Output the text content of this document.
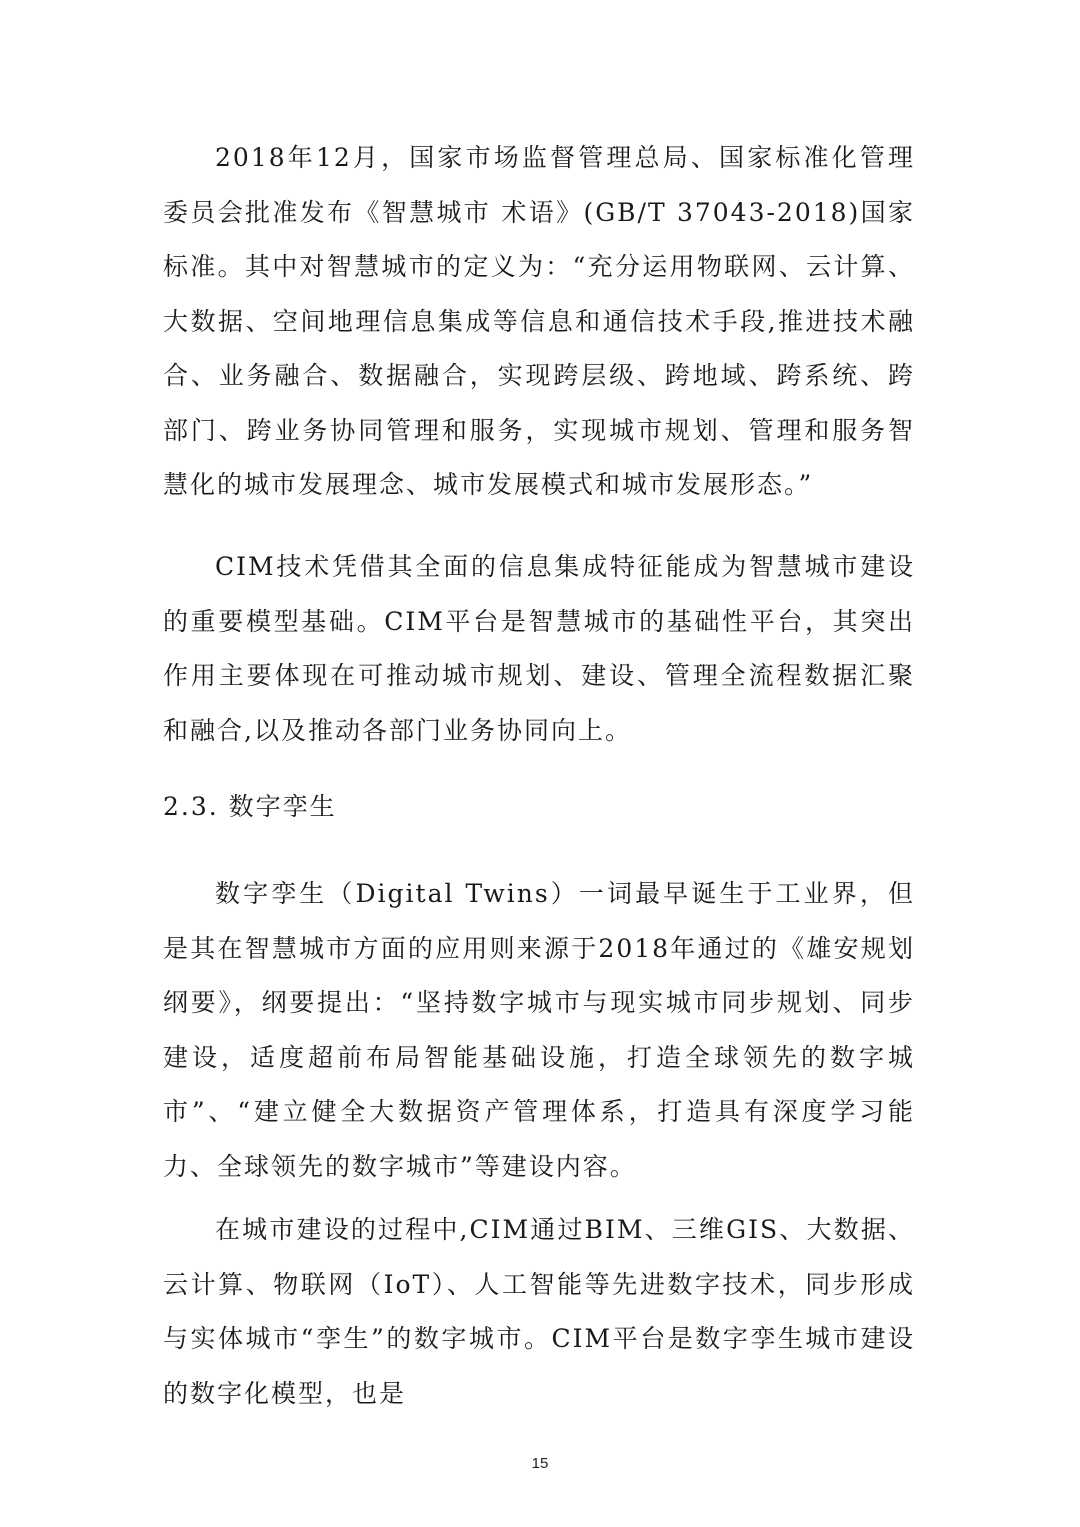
2018年12月，国家市场监督管理总局、国家标准化管理委员会批准发布《智慧城市 术语》(GB/T 37043-2018)国家标准。其中对智慧城市的定义为：“充分运用物联网、云计算、大数据、空间地理信息集成等信息和通信技术手段,推进技术融合、业务融合、数据融合，实现跨层级、跨地域、跨系统、跨部门、跨业务协同管理和服务，实现城市规划、管理和服务智慧化的城市发展理念、城市发展模式和城市发展形态。”

CIM技术凭借其全面的信息集成特征能成为智慧城市建设的重要模型基础。CIM平台是智慧城市的基础性平台，其突出作用主要体现在可推动城市规划、建设、管理全流程数据汇聚和融合,以及推动各部门业务协同向上。

2.3. 数字孪生

数字孪生（Digital Twins）一词最早诞生于工业界，但是其在智慧城市方面的应用则来源于2018年通过的《雄安规划纲要》，纲要提出：“坚持数字城市与现实城市同步规划、同步建设，适度超前布局智能基础设施，打造全球领先的数字城市”、“建立健全大数据资产管理体系，打造具有深度学习能力、全球领先的数字城市”等建设内容。

在城市建设的过程中,CIM通过BIM、三维GIS、大数据、云计算、物联网（IoT）、人工智能等先进数字技术，同步形成与实体城市“孪生”的数字城市。CIM平台是数字孪生城市建设的数字化模型，也是

15
